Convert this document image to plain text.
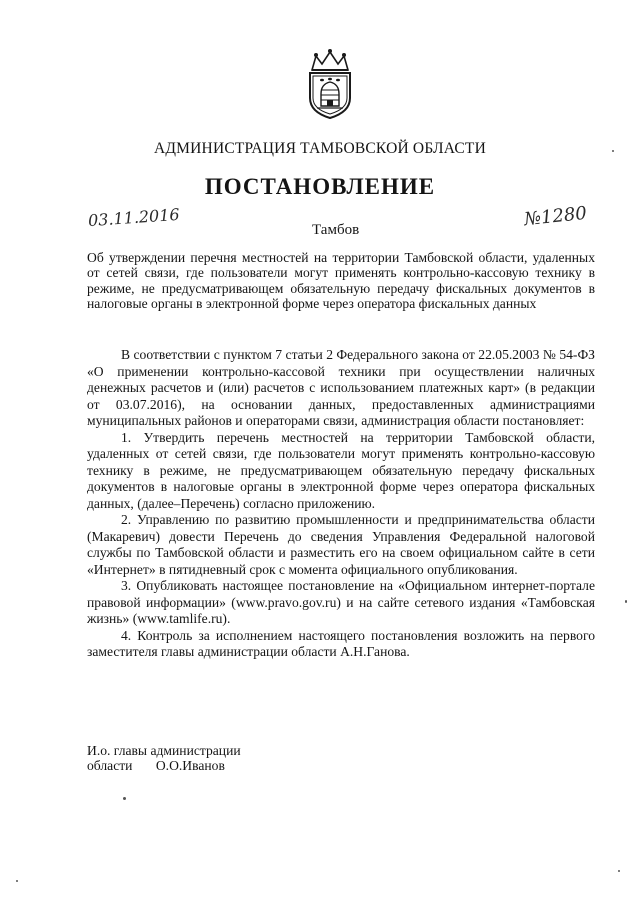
АДМИНИСТРАЦИЯ ТАМБОВСКОЙ ОБЛАСТИ
ПОСТАНОВЛЕНИЕ
03.11.2016	Тамбов	№1280
Об утверждении перечня местностей на территории Тамбовской области, удаленных от сетей связи, где пользователи могут применять контрольно-кассовую технику в режиме, не предусматривающем обязательную передачу фискальных документов в налоговые органы в электронной форме через оператора фискальных данных

В соответствии с пунктом 7 статьи 2 Федерального закона от 22.05.2003 № 54-ФЗ «О применении контрольно-кассовой техники при осуществлении наличных денежных расчетов и (или) расчетов с использованием платежных карт» (в редакции от 03.07.2016), на основании данных, предоставленных администрациями муниципальных районов и операторами связи, администрация области постановляет:

1. Утвердить перечень местностей на территории Тамбовской области, удаленных от сетей связи, где пользователи могут применять контрольно-кассовую технику в режиме, не предусматривающем обязательную передачу фискальных документов в налоговые органы в электронной форме через оператора фискальных данных, (далее–Перечень) согласно приложению.

2. Управлению по развитию промышленности и предпринимательства области (Макаревич) довести Перечень до сведения Управления Федеральной налоговой службы по Тамбовской области и разместить его на своем официальном сайте в сети «Интернет» в пятидневный срок с момента официального опубликования.

3. Опубликовать настоящее постановление на «Официальном интернет-портале правовой информации» (www.pravo.gov.ru) и на сайте сетевого издания «Тамбовская жизнь» (www.tamlife.ru).

4. Контроль за исполнением настоящего постановления возложить на первого заместителя главы администрации области А.Н.Ганова.

И.о. главы администрации
области О.О.Иванов
